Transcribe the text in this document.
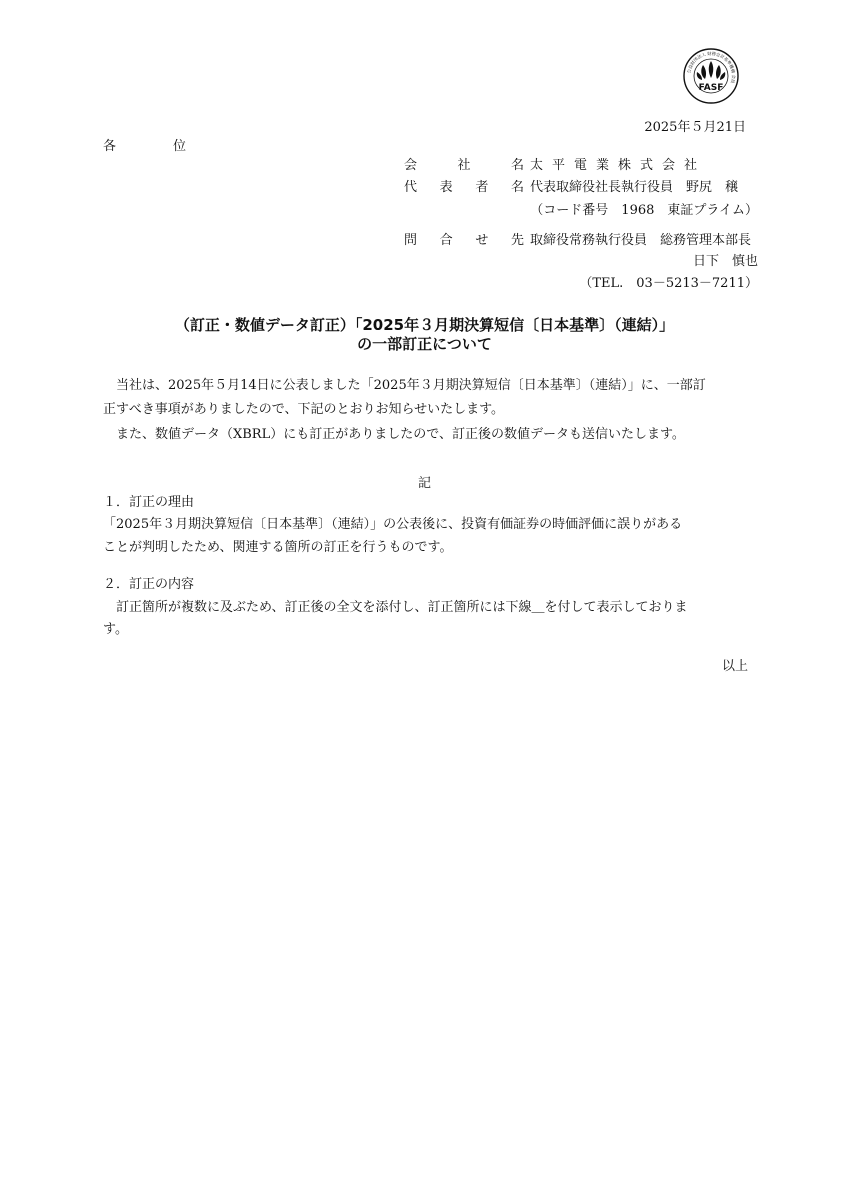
公益財団法人 財務会計基準機構 会員
FASF
2025年５月21日
各　位
会　社　名 太平電業株式会社
代　表　者　名 代表取締役社長執行役員　野尻　穣
（コード番号　1968　東証プライム）
問　合　せ　先 取締役常務執行役員　総務管理本部長
日下　慎也
（TEL.　03－5213－7211）
（訂正・数値データ訂正）「2025年３月期決算短信〔日本基準〕（連結）」
の一部訂正について
　当社は、2025年５月14日に公表しました「2025年３月期決算短信〔日本基準〕（連結）」に、一部訂
正すべき事項がありましたので、下記のとおりお知らせいたします。
　また、数値データ（XBRL）にも訂正がありましたので、訂正後の数値データも送信いたします。
記
１．訂正の理由
「2025年３月期決算短信〔日本基準〕（連結）」の公表後に、投資有価証券の時価評価に誤りがある
ことが判明したため、関連する箇所の訂正を行うものです。
２．訂正の内容
　訂正箇所が複数に及ぶため、訂正後の全文を添付し、訂正箇所には下線＿を付して表示しておりま
す。
以上
